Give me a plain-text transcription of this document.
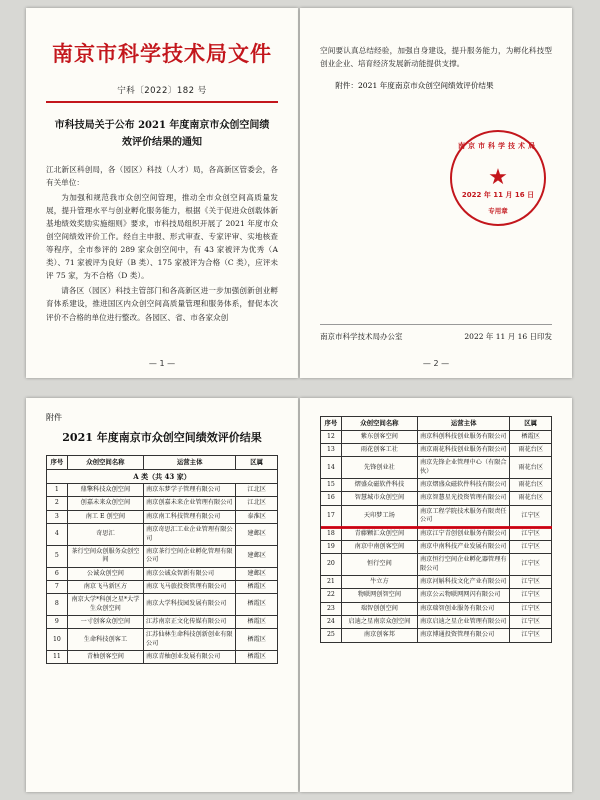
南京市科学技术局文件
宁科〔2022〕182 号
市科技局关于公布 2021 年度南京市众创空间绩效评价结果的通知

江北新区科创局，各（园区）科技（人才）局，各高新区管委会，各有关单位：

为加强和规范我市众创空间管理，推动全市众创空间高质量发展，提升管理水平与创业孵化服务能力，根据《关于促进众创载体新基地绩效奖励实施细则》要求，市科技局组织开展了 2021 年度市众创空间绩效评价工作。经自主申报、形式审查、专家评审、实地核查等程序，全市参评的 289 家众创空间中，有 43 家被评为优秀（A 类）、71 家被评为良好（B 类）、175 家被评为合格（C 类），应评未评 75 家，为不合格（D 类）。

请各区（园区）科技主管部门和各高新区进一步加强创新创业孵育体系建设，推进国区内众创空间高质量管理和服务体系，督促本次评价不合格的单位进行整改。各园区、省、市各家众创

— 1 —

空间要认真总结经验，加强自身建设，提升服务能力，为孵化科技型创业企业、培育经济发展新动能提供支撑。

附件：2021 年度南京市众创空间绩效评价结果
南京市科学技术局
★
2022 年 11 月 16 日
专用章
南京市科学技术局办公室	2022 年 11 月 16 日印发
— 2 —
附件
2021 年度南京市众创空间绩效评价结果
序号	众创空间名称	运营主体	区属
A 类（共 43 家）			
1	鼎擎科技众创空间	南京东梦学子管理有限公司	江北区
2	创嘉未来众创空间	南京创嘉未来企业管理有限公司	江北区
3	南工 E 创空间	南京南工科技管理有限公司	泰淮区
4	奇思汇	南京奇思汇工业企业管理有限公司	建邺区
5	茶行空间众创服务众创空间	南京茶行空间企业孵化管理有限公司	建邺区
6	公诚众创空间	南京公诚众智新有限公司	建邺区
7	南京飞马新区方	南京飞马旅投资管理有限公司	栖霞区
8	南京大学*科创之星*大学生众创空间	南京大学科技园发展有限公司	栖霞区
9	一寸创客众创空间	江苏南京正文化传媒有限公司	栖霞区
10	生命科技创客工	江苏仙林生命科技创新创业有限公司	栖霞区
11	青柚创客空间	南京青柚创业发展有限公司	栖霞区
序号	众创空间名称	运营主体	区属
12	紫东创客空间	南京科创科技创业服务有限公司	栖霞区
13	雨花创客工社	南京雨花科技创业服务有限公司	雨花台区
14	先锋创业社	南京先锋企业管理中心（有限合伙）	雨花台区
15	熠盛众磁软件科技	南京熠盛众磁软件科技有限公司	雨花台区
16	智慧城市众创空间	南京智慧星光投资管理有限公司	雨花台区
17	天印梦工场	南京工程学院技术服务有限责任公司	江宁区
18	青藤颗汇众创空间	南京江宁青创创业服务有限公司	江宁区
19	南京中南创客空间	南京中南科技产业发展有限公司	江宁区
20	恒行空间	南京恒行空间企业孵化器管理有限公司	江宁区
21	牛立方	南京河斛科技文化产业有限公司	江宁区
22	物联网创智空间	南京公云物联网网闪有限公司	江宁区
23	瑞智创创空间	南京瑞智创业服务有限公司	江宁区
24	启迪之星南京众创空间	南京启迪之星企业管理有限公司	江宁区
25	南京创客邦	南京博通投资管理有限公司	江宁区
